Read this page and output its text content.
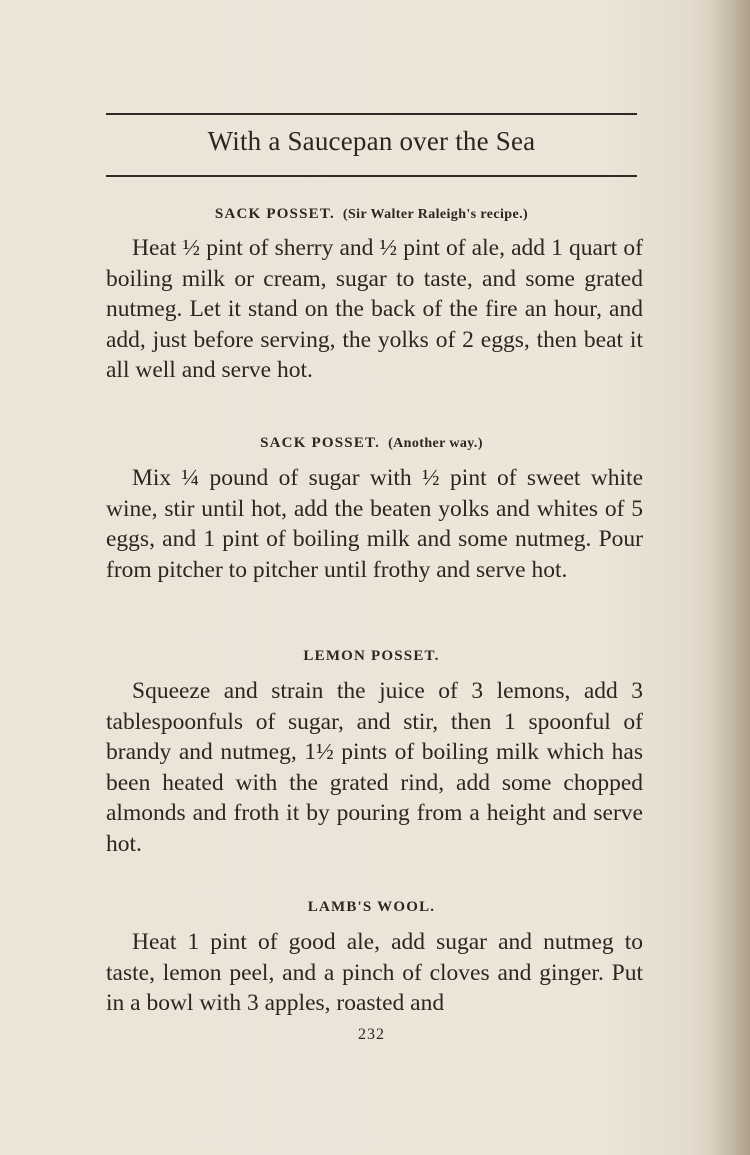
With a Saucepan over the Sea
SACK POSSET. (Sir Walter Raleigh's recipe.)
Heat ½ pint of sherry and ½ pint of ale, add 1 quart of boiling milk or cream, sugar to taste, and some grated nutmeg. Let it stand on the back of the fire an hour, and add, just before serving, the yolks of 2 eggs, then beat it all well and serve hot.
SACK POSSET. (Another way.)
Mix ¼ pound of sugar with ½ pint of sweet white wine, stir until hot, add the beaten yolks and whites of 5 eggs, and 1 pint of boiling milk and some nutmeg. Pour from pitcher to pitcher until frothy and serve hot.
LEMON POSSET.
Squeeze and strain the juice of 3 lemons, add 3 tablespoonfuls of sugar, and stir, then 1 spoonful of brandy and nutmeg, 1½ pints of boiling milk which has been heated with the grated rind, add some chopped almonds and froth it by pouring from a height and serve hot.
LAMB'S WOOL.
Heat 1 pint of good ale, add sugar and nutmeg to taste, lemon peel, and a pinch of cloves and ginger. Put in a bowl with 3 apples, roasted and
232
